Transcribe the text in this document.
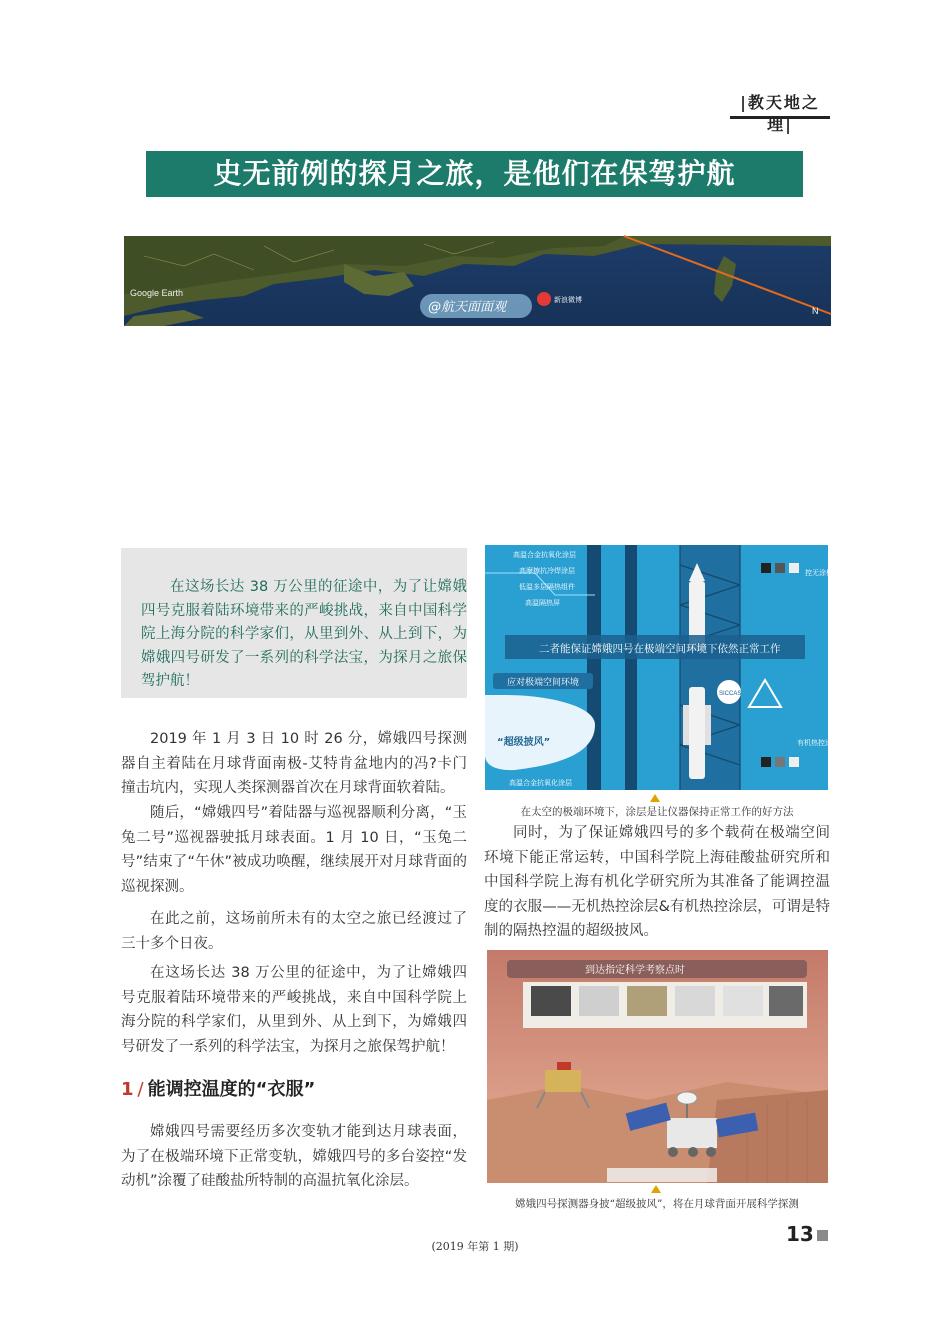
|教天地之理|
史无前例的探月之旅，是他们在保驾护航
Google Earth
@航天面面观	新浪微博
N
在这场长达 38 万公里的征途中，为了让嫦娥四号克服着陆环境带来的严峻挑战，来自中国科学院上海分院的科学家们，从里到外、从上到下，为嫦娥四号研发了一系列的科学法宝，为探月之旅保驾护航！
2019 年 1 月 3 日 10 时 26 分，嫦娥四号探测器自主着陆在月球背面南极-艾特肯盆地内的冯?卡门撞击坑内，实现人类探测器首次在月球背面软着陆。
随后，“嫦娥四号”着陆器与巡视器顺利分离，“玉兔二号”巡视器驶抵月球表面。1 月 10 日，“玉兔二号”结束了“午休”被成功唤醒，继续展开对月球背面的巡视探测。
在此之前，这场前所未有的太空之旅已经渡过了三十多个日夜。
在这场长达 38 万公里的征途中，为了让嫦娥四号克服着陆环境带来的严峻挑战，来自中国科学院上海分院的科学家们，从里到外、从上到下，为嫦娥四号研发了一系列的科学法宝，为探月之旅保驾护航！
1 / 能调控温度的“衣服”
嫦娥四号需要经历多次变轨才能到达月球表面，为了在极端环境下正常变轨，嫦娥四号的多台姿控“发动机”涂覆了硅酸盐所特制的高温抗氧化涂层。
高温合金抗氧化涂层
高摩擦抗冷焊涂层
低温多层隔热组件
高温隔热屏
控无涂机层热
二者能保证嫦娥四号在极端空间环境下依然正常工作
应对极端空间环境
“超级披风”
高温合金抗氧化涂层
SICCAS
有机热控涂层
在太空的极端环境下，涂层是让仪器保持正常工作的好方法
同时，为了保证嫦娥四号的多个载荷在极端空间环境下能正常运转，中国科学院上海硅酸盐研究所和中国科学院上海有机化学研究所为其准备了能调控温度的衣服——无机热控涂层&有机热控涂层，可谓是特制的隔热控温的超级披风。
到达指定科学考察点时
嫦娥四号探测器身披“超级披风”，将在月球背面开展科学探测
(2019 年第 1 期)
13
